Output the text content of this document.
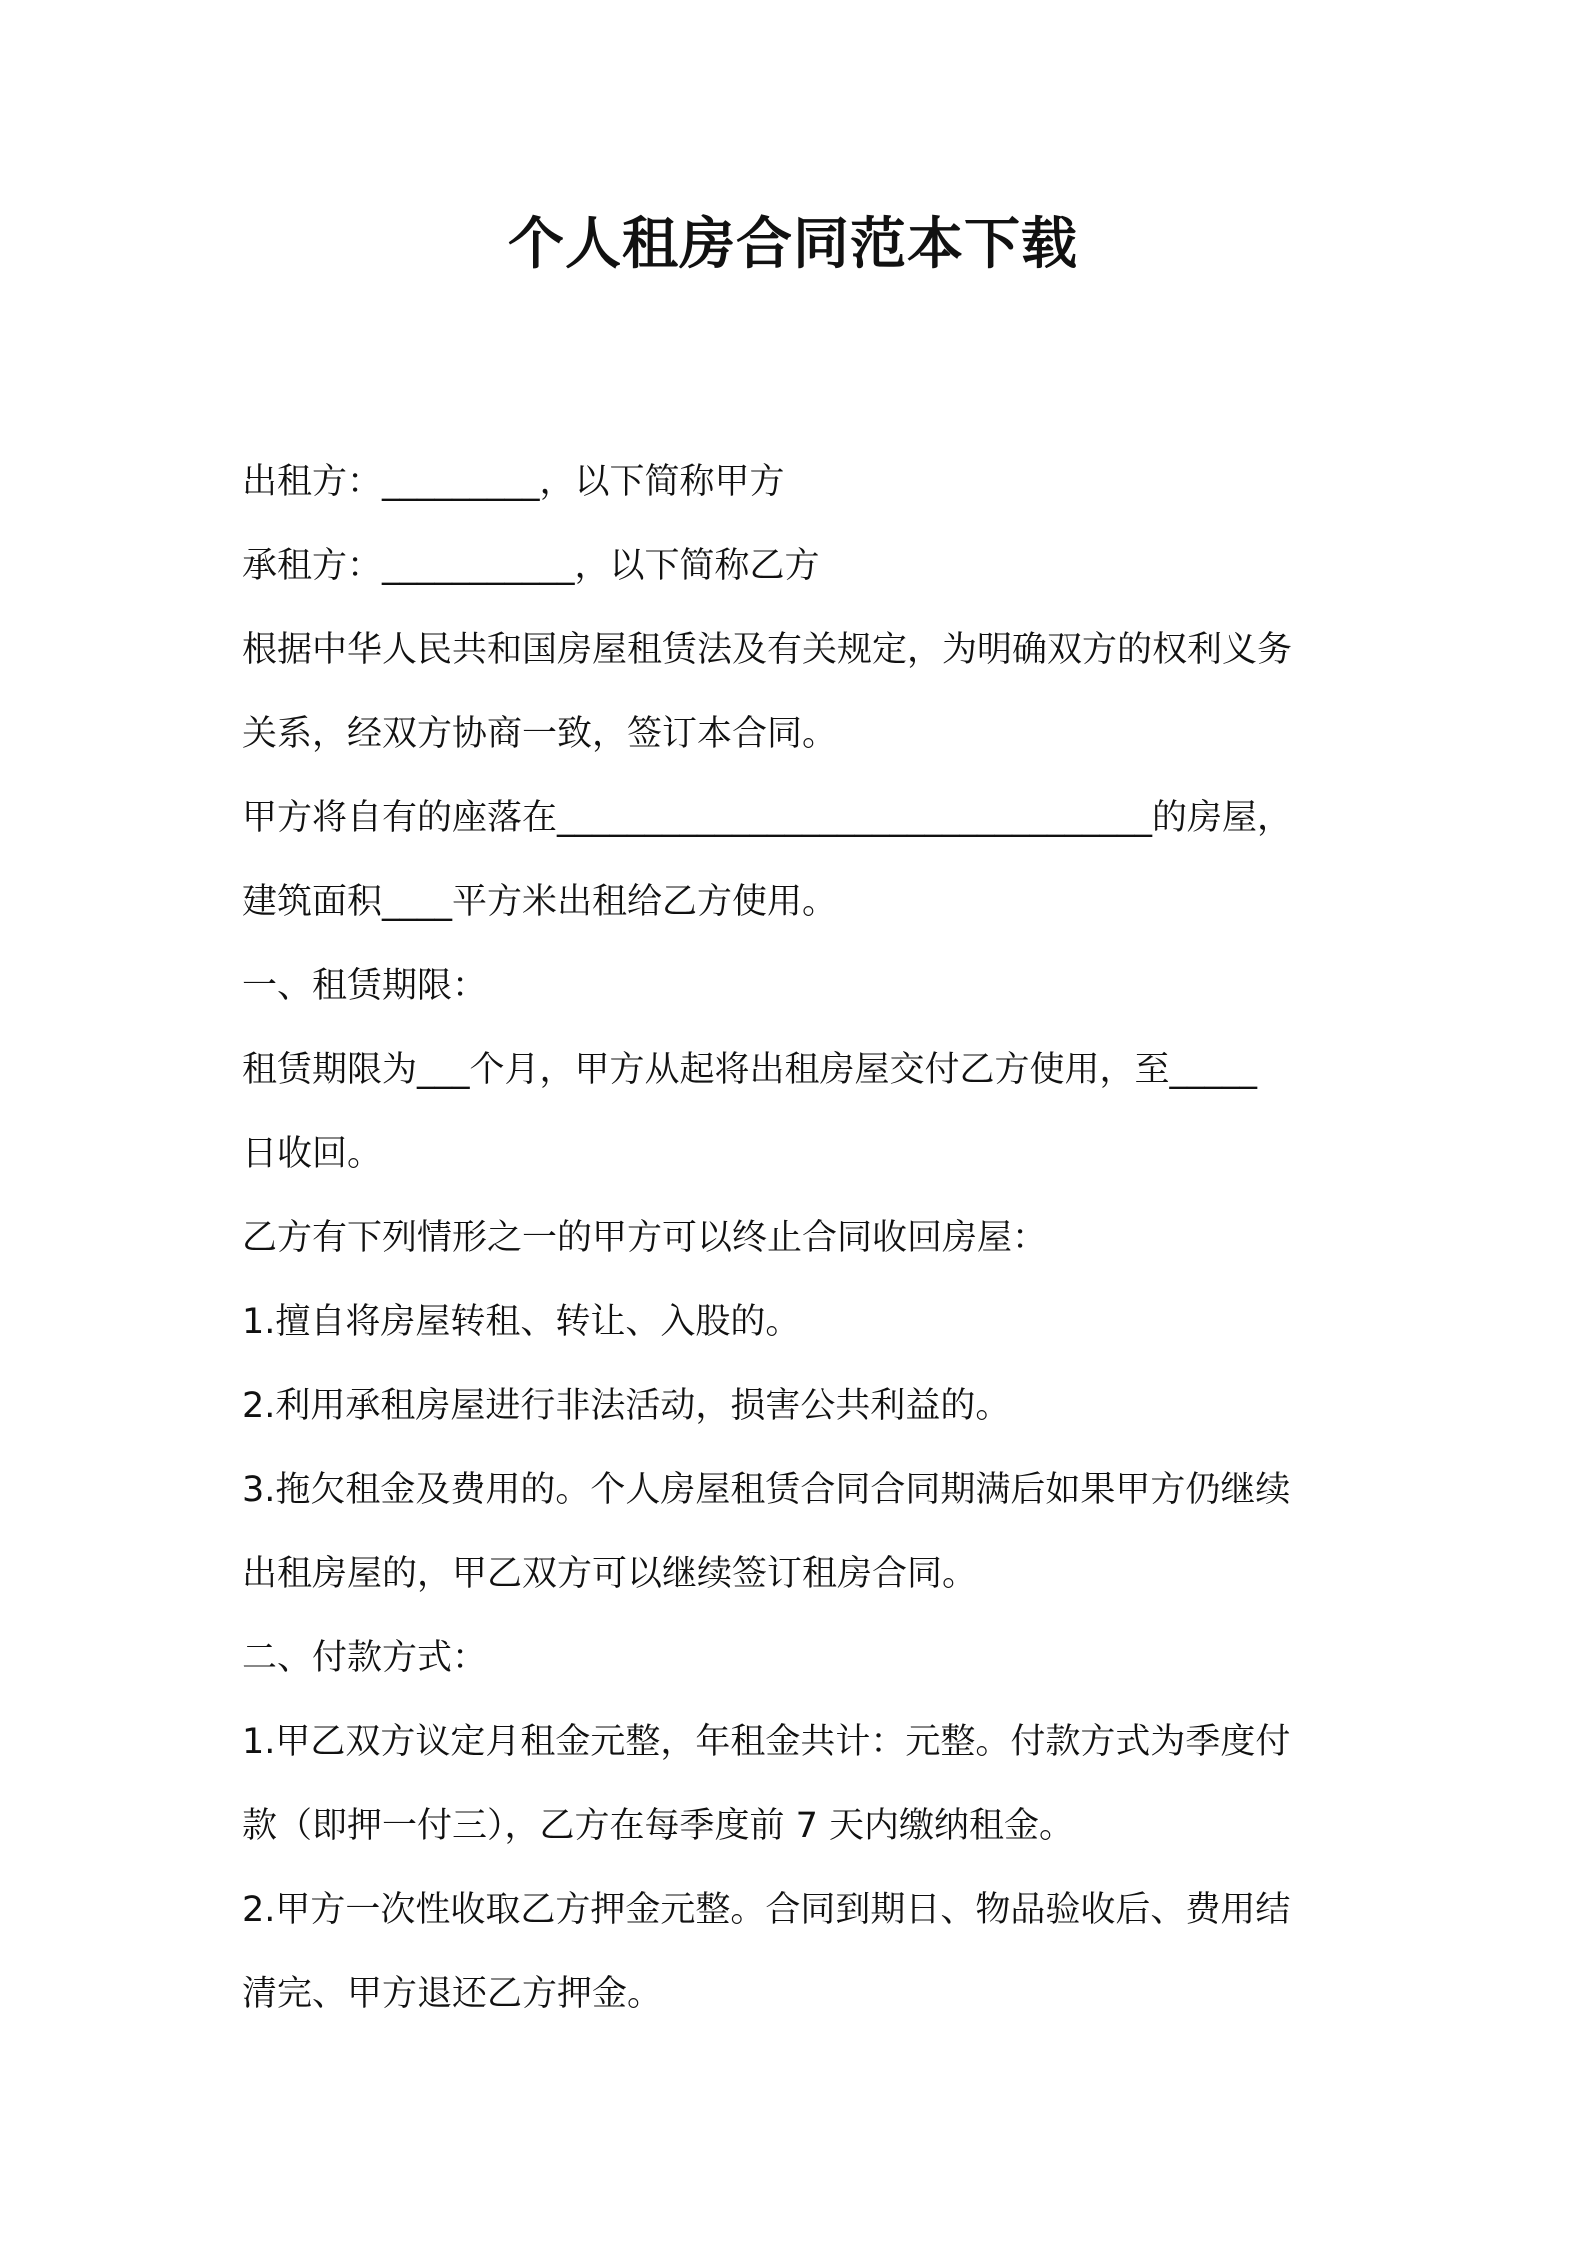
个人租房合同范本下载

出租方：_________，以下简称甲方

承租方：___________，以下简称乙方

根据中华人民共和国房屋租赁法及有关规定，为明确双方的权利义务

关系，经双方协商一致，签订本合同。

甲方将自有的座落在__________________________________的房屋，

建筑面积____平方米出租给乙方使用。

一、租赁期限：

租赁期限为___个月，甲方从起将出租房屋交付乙方使用，至_____

日收回。

乙方有下列情形之一的甲方可以终止合同收回房屋：

1.擅自将房屋转租、转让、入股的。

2.利用承租房屋进行非法活动，损害公共利益的。

3.拖欠租金及费用的。个人房屋租赁合同合同期满后如果甲方仍继续

出租房屋的，甲乙双方可以继续签订租房合同。

二、付款方式：

1.甲乙双方议定月租金元整，年租金共计：元整。付款方式为季度付

款（即押一付三），乙方在每季度前 7 天内缴纳租金。

2.甲方一次性收取乙方押金元整。合同到期日、物品验收后、费用结

清完、甲方退还乙方押金。
